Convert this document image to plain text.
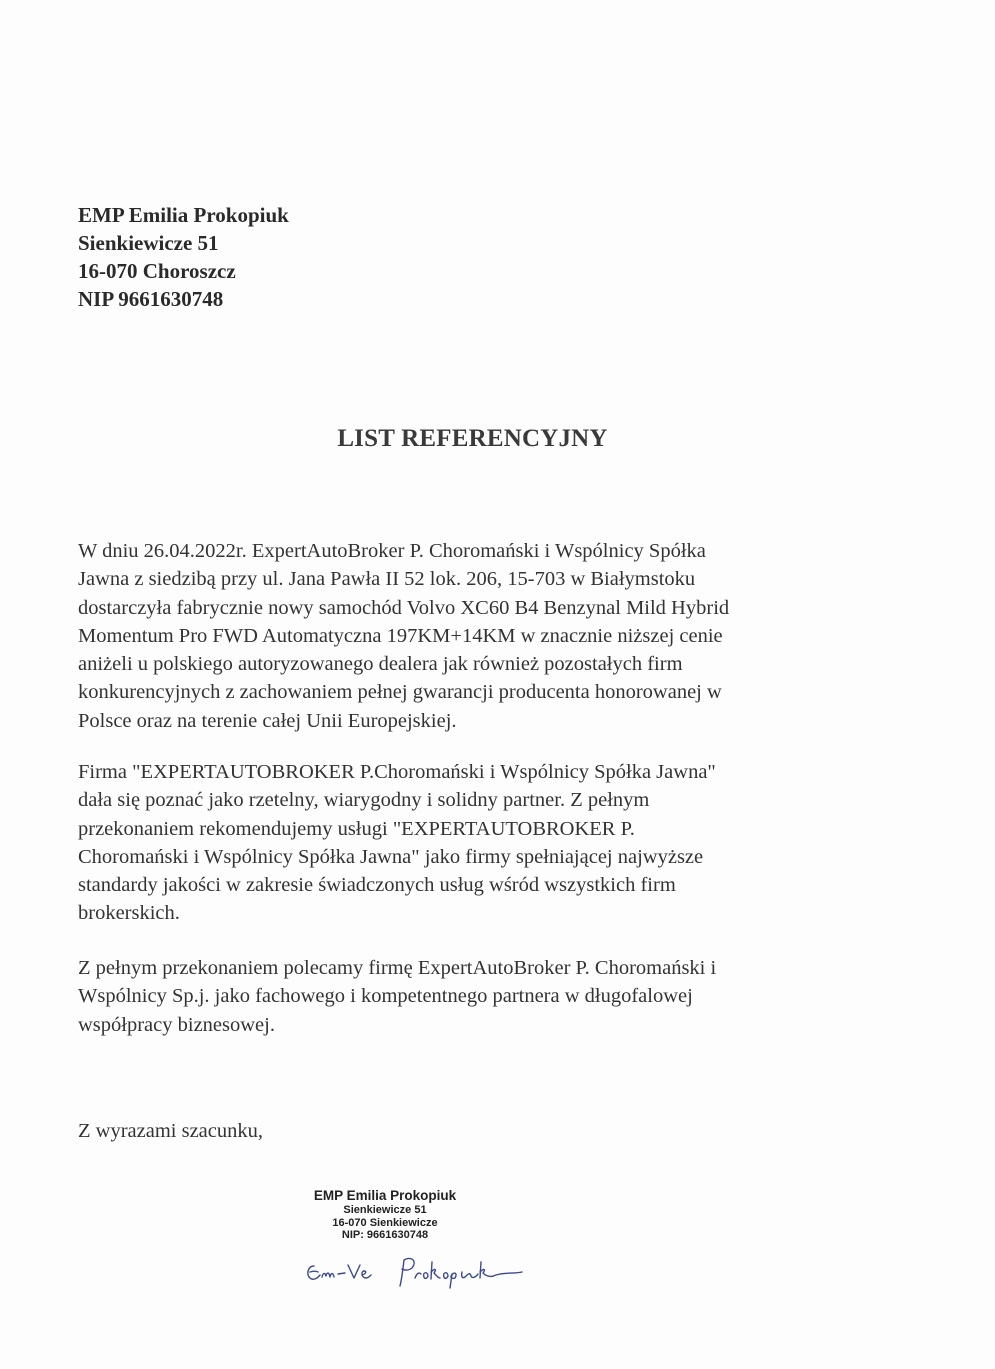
EMP Emilia Prokopiuk
Sienkiewicze 51
16-070 Choroszcz
NIP 9661630748
LIST REFERENCYJNY
W dniu 26.04.2022r. ExpertAutoBroker P. Choromański i Wspólnicy Spółka
Jawna z siedzibą przy ul. Jana Pawła II 52 lok. 206, 15-703 w Białymstoku
dostarczyła fabrycznie nowy samochód Volvo XC60 B4 Benzynal Mild Hybrid
Momentum Pro FWD Automatyczna 197KM+14KM w znacznie niższej cenie
aniżeli u polskiego autoryzowanego dealera jak również pozostałych firm
konkurencyjnych z zachowaniem pełnej gwarancji producenta honorowanej w
Polsce oraz na terenie całej Unii Europejskiej.
Firma "EXPERTAUTOBROKER P.Choromański i Wspólnicy Spółka Jawna"
dała się poznać jako rzetelny, wiarygodny i solidny partner. Z pełnym
przekonaniem rekomendujemy usługi "EXPERTAUTOBROKER P.
Choromański i Wspólnicy Spółka Jawna" jako firmy spełniającej najwyższe
standardy jakości w zakresie świadczonych usług wśród wszystkich firm
brokerskich.
Z pełnym przekonaniem polecamy firmę ExpertAutoBroker P. Choromański i
Wspólnicy Sp.j. jako fachowego i kompetentnego partnera w długofalowej
współpracy biznesowej.
Z wyrazami szacunku,
EMP Emilia Prokopiuk
Sienkiewicze 51
16-070 Sienkiewicze
NIP: 9661630748
Em-Ve Prokopiuk
